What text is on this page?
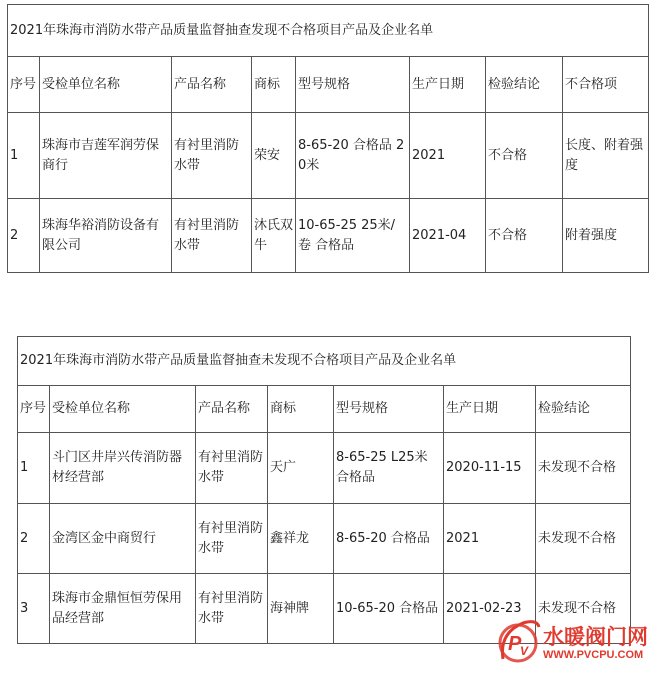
2021年珠海市消防水带产品质量监督抽查发现不合格项目产品及企业名单							
序号	受检单位名称	产品名称	商标	型号规格	生产日期	检验结论	不合格项
1	珠海市吉莲军润劳保商行	有衬里消防水带	荣安	8-65-20 合格品 20米	2021	不合格	长度、附着强度
2	珠海华裕消防设备有限公司	有衬里消防水带	沐氏双牛	10-65-25 25米/卷 合格品	2021-04	不合格	附着强度
2021年珠海市消防水带产品质量监督抽查未发现不合格项目产品及企业名单						
序号	受检单位名称	产品名称	商标	型号规格	生产日期	检验结论
1	斗门区井岸兴传消防器材经营部	有衬里消防水带	天广	8-65-25 L25米 合格品	2020-11-15	未发现不合格
2	金湾区金中商贸行	有衬里消防水带	鑫祥龙	8-65-20 合格品	2021	未发现不合格
3	珠海市金鼎恒恒劳保用品经营部	有衬里消防水带	海神牌	10-65-20 合格品	2021-02-23	未发现不合格
P
V
水暖阀门网
WWW.PVCPU.COM
